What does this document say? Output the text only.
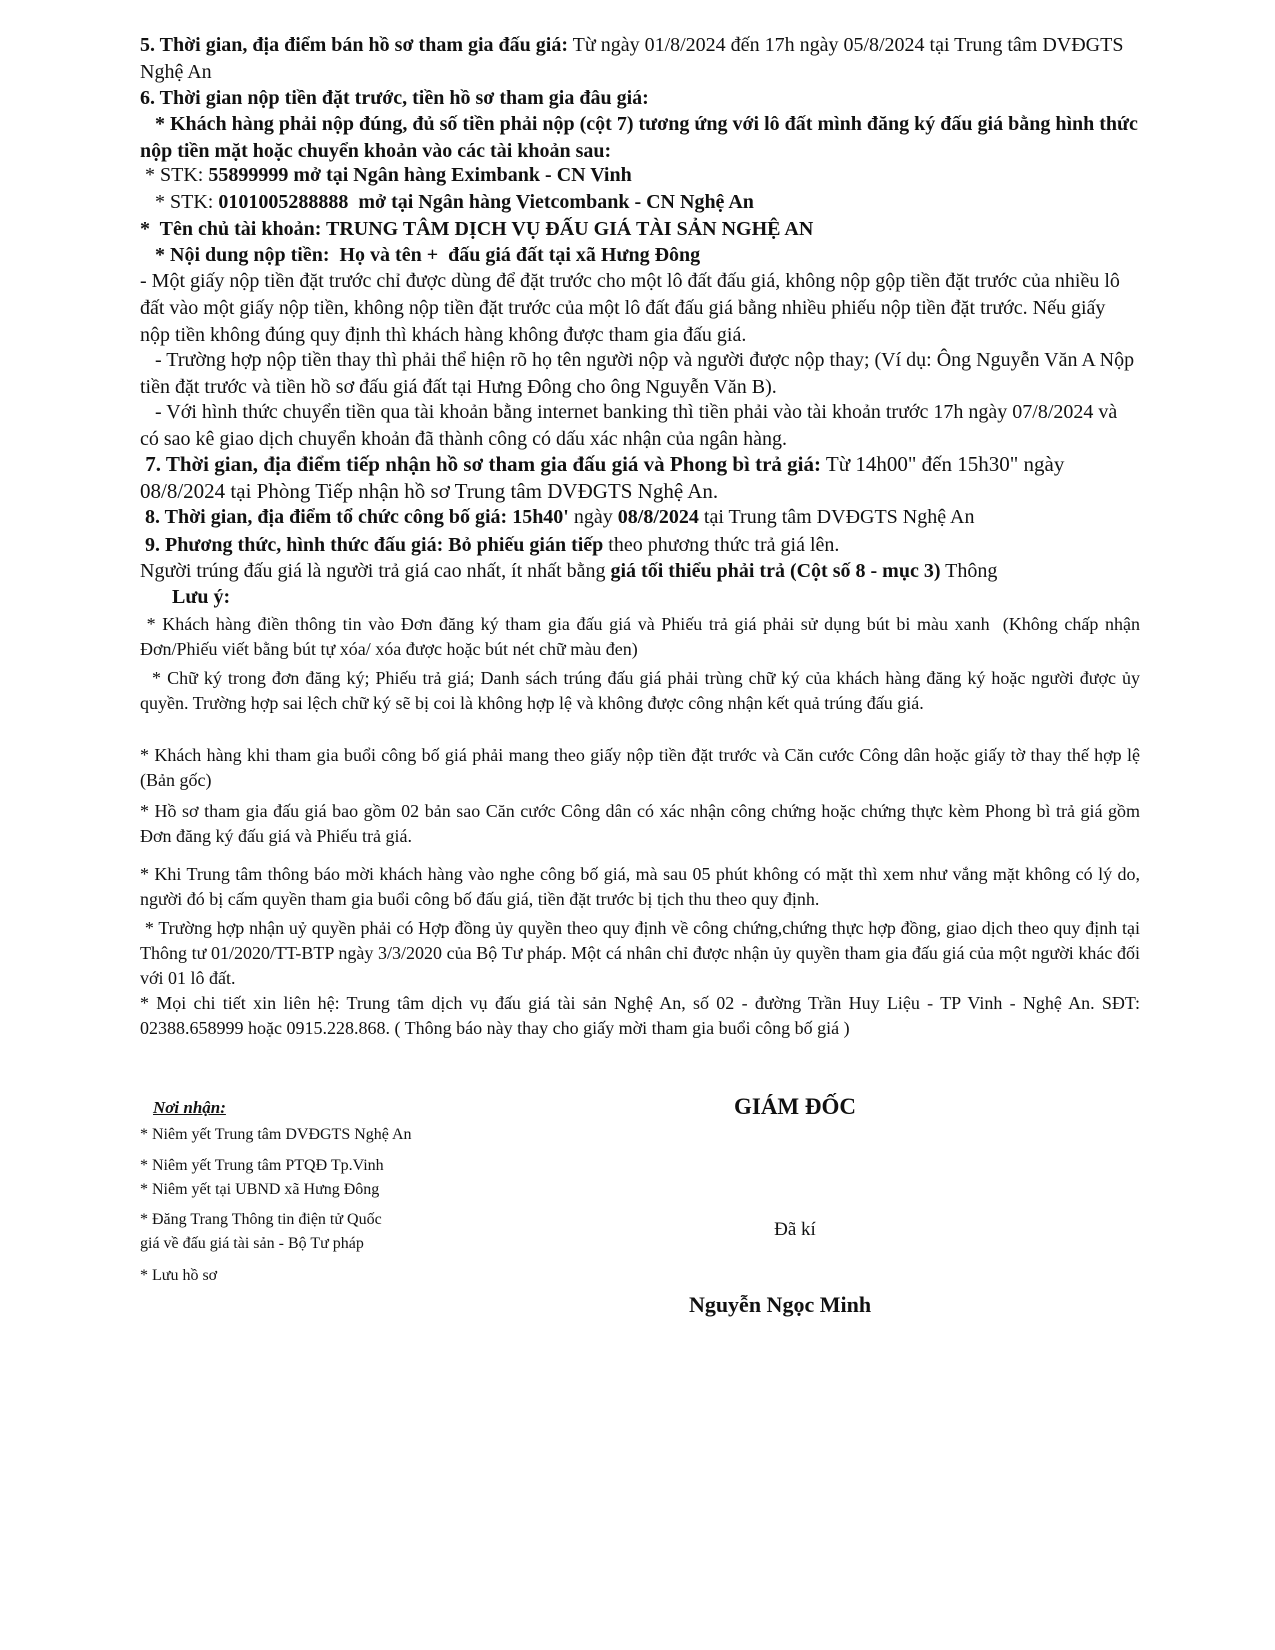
5. Thời gian, địa điểm bán hồ sơ tham gia đấu giá: Từ ngày 01/8/2024 đến 17h ngày 05/8/2024 tại Trung tâm DVĐGTS Nghệ An

6. Thời gian nộp tiền đặt trước, tiền hồ sơ tham gia đâu giá:

* Khách hàng phải nộp đúng, đủ số tiền phải nộp (cột 7) tương ứng với lô đất mình đăng ký đấu giá bằng hình thức nộp tiền mặt hoặc chuyển khoản vào các tài khoản sau:

* STK: 55899999 mở tại Ngân hàng Eximbank - CN Vinh

* STK: 0101005288888  mở tại Ngân hàng Vietcombank - CN Nghệ An

*  Tên chủ tài khoản: TRUNG TÂM DỊCH VỤ ĐẤU GIÁ TÀI SẢN NGHỆ AN

* Nội dung nộp tiền:  Họ và tên +  đấu giá đất tại xã Hưng Đông

- Một giấy nộp tiền đặt trước chỉ được dùng để đặt trước cho một lô đất đấu giá, không nộp gộp tiền đặt trước của nhiều lô đất vào một giấy nộp tiền, không nộp tiền đặt trước của một lô đất đấu giá bằng nhiều phiếu nộp tiền đặt trước. Nếu giấy nộp tiền không đúng quy định thì khách hàng không được tham gia đấu giá.

- Trường hợp nộp tiền thay thì phải thể hiện rõ họ tên người nộp và người được nộp thay; (Ví dụ: Ông Nguyễn Văn A Nộp tiền đặt trước và tiền hồ sơ đấu giá đất tại Hưng Đông cho ông Nguyễn Văn B).

- Với hình thức chuyển tiền qua tài khoản bằng internet banking thì tiền phải vào tài khoản trước 17h ngày 07/8/2024 và có sao kê giao dịch chuyển khoản đã thành công có dấu xác nhận của ngân hàng.

7. Thời gian, địa điểm tiếp nhận hồ sơ tham gia đấu giá và Phong bì trả giá: Từ 14h00" đến 15h30" ngày 08/8/2024 tại Phòng Tiếp nhận hồ sơ Trung tâm DVĐGTS Nghệ An.

8. Thời gian, địa điểm tổ chức công bố giá: 15h40' ngày 08/8/2024 tại Trung tâm DVĐGTS Nghệ An

9. Phương thức, hình thức đấu giá: Bỏ phiếu gián tiếp theo phương thức trả giá lên.

Người trúng đấu giá là người trả giá cao nhất, ít nhất bằng giá tối thiểu phải trả (Cột số 8 - mục 3) Thông

Lưu ý:

* Khách hàng điền thông tin vào Đơn đăng ký tham gia đấu giá và Phiếu trả giá phải sử dụng bút bi màu xanh  (Không chấp nhận Đơn/Phiếu viết bằng bút tự xóa/ xóa được hoặc bút nét chữ màu đen)

* Chữ ký trong đơn đăng ký; Phiếu trả giá; Danh sách trúng đấu giá phải trùng chữ ký của khách hàng đăng ký hoặc người được ủy quyền. Trường hợp sai lệch chữ ký sẽ bị coi là không hợp lệ và không được công nhận kết quả trúng đấu giá.

* Khách hàng khi tham gia buổi công bố giá phải mang theo giấy nộp tiền đặt trước và Căn cước Công dân hoặc giấy tờ thay thế hợp lệ (Bản gốc)

* Hồ sơ tham gia đấu giá bao gồm 02 bản sao Căn cước Công dân có xác nhận công chứng hoặc chứng thực kèm Phong bì trả giá gồm Đơn đăng ký đấu giá và Phiếu trả giá.

* Khi Trung tâm thông báo mời khách hàng vào nghe công bố giá, mà sau 05 phút không có mặt thì xem như vắng mặt không có lý do, người đó bị cấm quyền tham gia buổi công bố đấu giá, tiền đặt trước bị tịch thu theo quy định.

* Trường hợp nhận uỷ quyền phải có Hợp đồng ủy quyền theo quy định về công chứng,chứng thực hợp đồng, giao dịch theo quy định tại Thông tư 01/2020/TT-BTP ngày 3/3/2020 của Bộ Tư pháp. Một cá nhân chỉ được nhận ủy quyền tham gia đấu giá của một người khác đối với 01 lô đất.

* Mọi chi tiết xin liên hệ: Trung tâm dịch vụ đấu giá tài sản Nghệ An, số 02 - đường Trần Huy Liệu - TP Vinh - Nghệ An. SĐT: 02388.658999 hoặc 0915.228.868. ( Thông báo này thay cho giấy mời tham gia buổi công bố giá )

Nơi nhận:
* Niêm yết Trung tâm DVĐGTS Nghệ An
* Niêm yết Trung tâm PTQĐ Tp.Vinh
* Niêm yết tại UBND xã Hưng Đông
* Đăng Trang Thông tin điện tử Quốc
giá về đấu giá tài sản - Bộ Tư pháp
* Lưu hồ sơ
GIÁM ĐỐC
Đã kí
Nguyễn Ngọc Minh
